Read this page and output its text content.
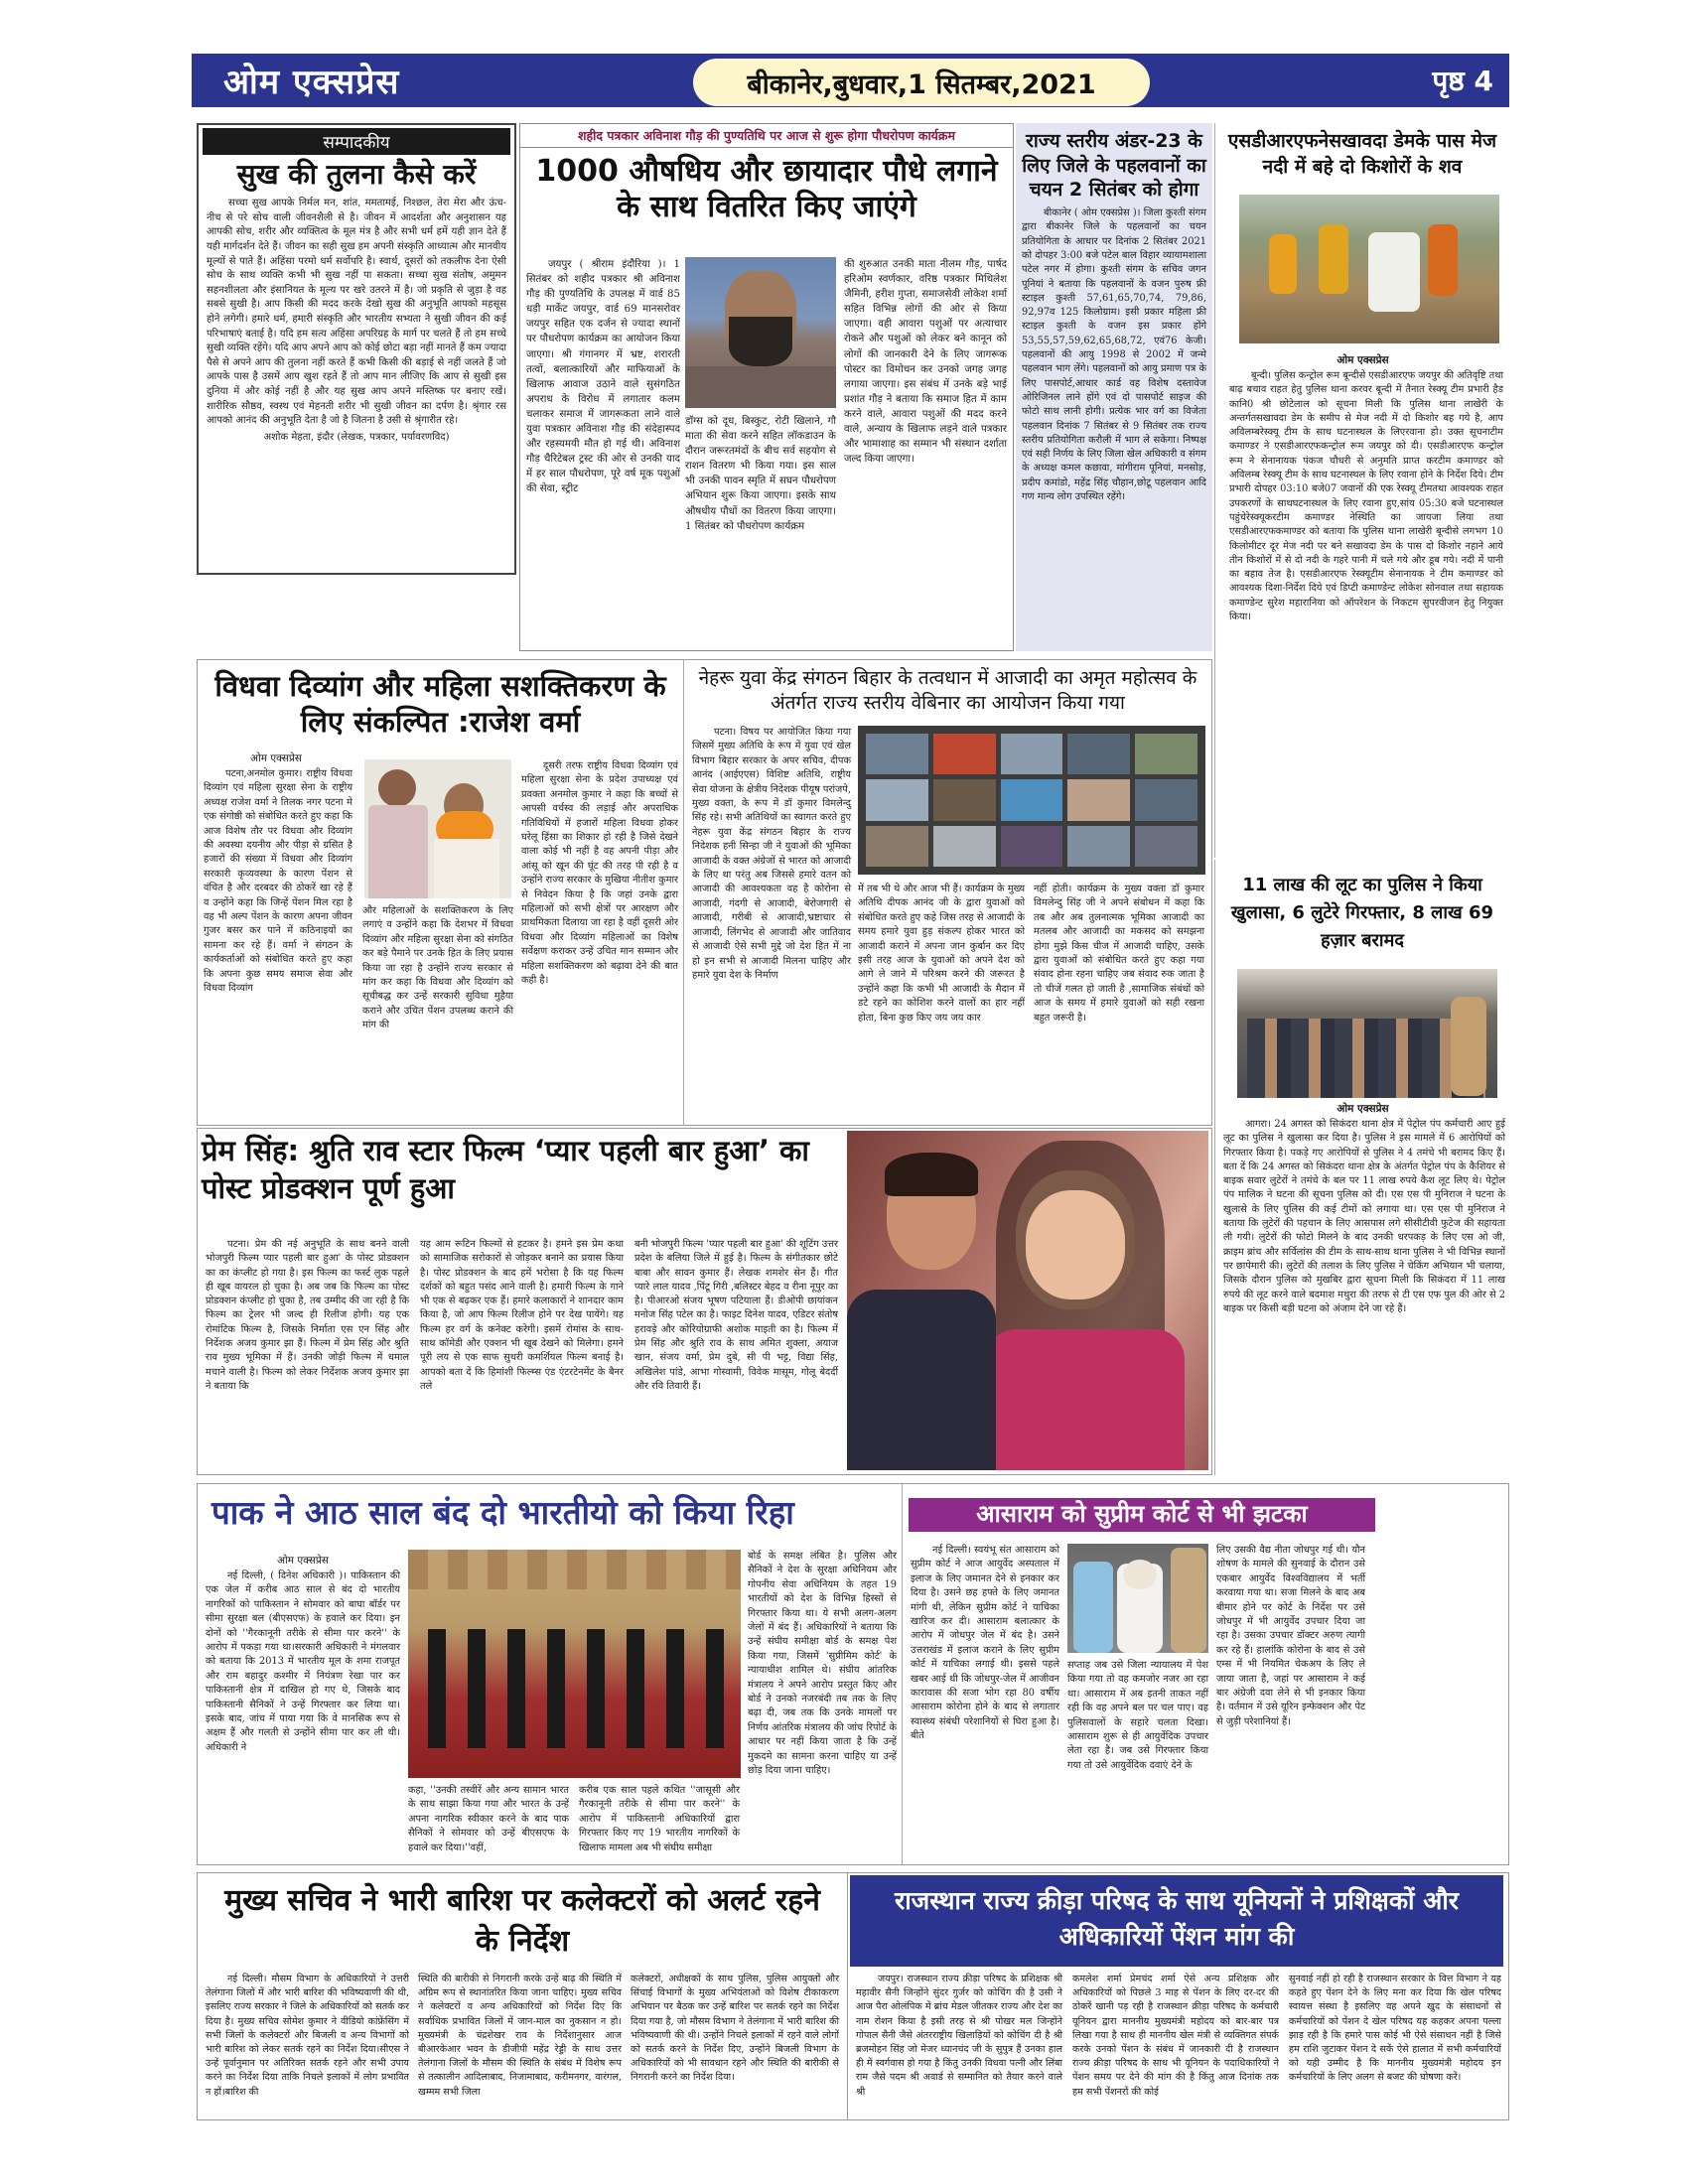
ओम एक्सप्रेस	बीकानेर,बुधवार,1 सितम्बर,2021	पृष्ठ 4
सम्पादकीय
सुख की तुलना कैसे करें

सच्चा सुख आपके निर्मल मन, शांत, ममतामई, निश्छल, तेरा मेरा और ऊंच-नीच से परे सोच वाली जीवनशैली से है। जीवन में आदर्शता और अनुशासन यह आपकी सोच, शरीर और व्यक्तित्व के मूल मंत्र है और सभी धर्म हमें यही ज्ञान देते हैं यही मार्गदर्शन देते हैं। जीवन का सही सुख हम अपनी संस्कृति आध्यात्म और मानवीय मूल्यों से पाते हैं। अहिंसा परमो धर्म सर्वोपरि है। स्वार्थ, दूसरों को तकलीफ देना ऐसी सोच के साथ व्यक्ति कभी भी सुख नहीं पा सकता। सच्चा सुख संतोष, अमुमन सहनशीलता और इंसानियत के मूल्य पर खरे उतरने में है। जो प्रकृति से जुड़ा है वह सबसे सुखी है। आप किसी की मदद करके देखो सुख की अनुभूति आपको महसूस होने लगेगी। हमारे धर्म, हमारी संस्कृति और भारतीय सभ्यता ने सुखी जीवन की कई परिभाषाएं बताई है। यदि हम सत्य अहिंसा अपरिग्रह के मार्ग पर चलते हैं तो हम सच्चे सुखी व्यक्ति रहेंगे। यदि आप अपने आप को कोई छोटा बड़ा नहीं मानते हैं कम ज्यादा पैसे से अपने आप की तुलना नहीं करते हैं कभी किसी की बड़ाई से नहीं जलते हैं जो आपके पास है उसमें आप खुश रहते हैं तो आप मान लीजिए कि आप से सुखी इस दुनिया में और कोई नहीं है और यह सुख आप अपने मस्तिष्क पर बनाए रखें। शारीरिक सौष्ठव, स्वस्थ एवं मेहनती शरीर भी सुखी जीवन का दर्पण है। श्रृंगार रस आपको आनंद की अनुभूति देता है जो है जितना है उसी से श्रृंगारीत रहे।

अशोक मेहता, इंदौर (लेखक, पत्रकार, पर्यावरणविद)

शहीद पत्रकार अविनाश गौड़ की पुण्यतिथि पर आज से शुरू होगा पौधरोपण कार्यक्रम
1000 औषधिय और छायादार पौधे लगाने के साथ वितरित किए जाएंगे

जयपुर ( श्रीराम इंदौरिया )। 1 सितंबर को शहीद पत्रकार श्री अविनाश गौड़ की पुण्यतिथि के उपलक्ष में वार्ड 85 धड़ी मार्केट जयपुर, वार्ड 69 मानसरोवर जयपुर सहित एक दर्जन से ज्यादा स्थानों पर पौधरोपण कार्यक्रम का आयोजन किया जाएगा। श्री गंगानगर में भ्रष्ट, शरारती तत्वों, बलात्कारियों और माफियाओं के खिलाफ आवाज उठाने वाले सुसंगठित अपराध के विरोध में लगातार कलम चलाकर समाज में जागरूकता लाने वाले युवा पत्रकार अविनाश गौड़ की संदेहास्पद और रहस्यमयी मौत हो गई थी। अविनाश गौड़ चैरिटेबल ट्रस्ट की ओर से उनकी याद में हर साल पौधरोपण, पूरे वर्ष मूक पशुओं की सेवा, स्ट्रीट

डॉग्स को दूध, बिस्कुट, रोटी खिलाने, गौ माता की सेवा करने सहित लॉकडाउन के दौरान जरूरतमंदों के बीच सर्व सहयोग से राशन वितरण भी किया गया। इस साल भी उनकी पावन स्मृति में सघन पौधरोपण अभियान शुरू किया जाएगा। इसके साथ औषधीय पौधों का वितरण किया जाएगा। 1 सितंबर को पौधरोपण कार्यक्रम

की शुरुआत उनकी माता नीलम गौड़, पार्षद हरिओम स्वर्णकार, वरिष्ठ पत्रकार मिथिलेश जैमिनी, हरीश गुप्ता, समाजसेवी लोकेश शर्मा सहित विभिन्न लोगों की ओर से किया जाएगा। वही आवारा पशुओं पर अत्याचार रोकने और पशुओं को लेकर बने कानून को लोगों की जानकारी देने के लिए जागरूक पोस्टर का विमोचन कर उनको जगह जगह लगाया जाएगा। इस संबंध में उनके बड़े भाई प्रशांत गौड़ ने बताया कि समाज हित में काम करने वाले, आवारा पशुओं की मदद करने वाले, अन्याय के खिलाफ लड़ने वाले पत्रकार और भामाशाह का सम्मान भी संस्थान दर्शाता जल्द किया जाएगा।

राज्य स्तरीय अंडर-23 के लिए जिले के पहलवानों का चयन 2 सितंबर को होगा

बीकानेर ( ओम एक्सप्रेस )। जिला कुश्ती संगम द्वारा बीकानेर जिले के पहलवानों का चयन प्रतियोगिता के आधार पर दिनांक 2 सितंबर 2021 को दोपहर 3:00 बजे पटेल बाल विहार व्यायामशाला पटेल नगर में होगा। कुश्ती संगम के सचिव जगन पूनियां ने बताया कि पहलवानों के वजन पुरुष फ्री स्टाइल कुश्ती 57,61,65,70,74, 79,86, 92,97व 125 किलोग्राम। इसी प्रकार महिला फ्री स्टाइल कुश्ती के वजन इस प्रकार होंगे 53,55,57,59,62,65,68,72, एवं76 केजी। पहलवानों की आयु 1998 से 2002 में जन्मे पहलवान भाग लेंगे। पहलवानों को आयु प्रमाण पत्र के लिए पासपोर्ट,आधार कार्ड वह विशेष दस्तावेज ओरिजिनल लाने होंगे एवं दो पासपोर्ट साइज की फोटो साथ लानी होगी। प्रत्येक भार वर्ग का विजेता पहलवान दिनांक 7 सितंबर से 9 सितंबर तक राज्य स्तरीय प्रतियोगिता करौली में भाग ले सकेगा। निष्पक्ष एवं सही निर्णय के लिए जिला खेल अधिकारी व संगम के अध्यक्ष कमल कछावा, मांगीराम पूनियां, मनसोड़, प्रदीप कमांडो, महेंद्र सिंह चौहान,छोटू पहलवान आदि गण मान्य लोग उपस्थित रहेंगे।

एसडीआरएफनेसखावदा डेमके पास मेज नदी में बहे दो किशोरों के शव
ओम एक्सप्रेस

बून्दी। पुलिस कन्ट्रोल रूम बून्दीसे एसडीआरएफ जयपुर की अतिवृष्टि तथा बाढ़ बचाव राहत हेतु पुलिस थाना करवर बून्दी में तैनात रेस्क्यू टीम प्रभारी हैड कानि0 श्री छोटेलाल को सूचना मिली कि पुलिस थाना लाखेरी के अन्तर्गतसखावदा डेम के समीप से मेज नदी में दो किशोर बह गये है, आप अविलम्बरेस्क्यू टीम के साथ घटनास्थल के लिएरवाना हो। उक्त सूचनाटीम कमाण्डर ने एसडीआरएफकन्ट्रोल रूम जयपुर को दी। एसडीआरएफ कन्ट्रोल रूम ने सेनानायक पंकज चौधरी से अनुमति प्राप्त करटीम कमाण्डर को अविलम्ब रेस्क्यू टीम के साथ घटनास्थल के लिए रवाना होने के निर्देश दिये। टीम प्रभारी दोपहर 03:10 बजे07 जवानों की एक रेस्क्यू टीमतथा आवश्यक राहत उपकरणों के साथघटनास्थल के लिए रवाना हुए,सांय 05:30 बजे घटनास्थल पहुंचेरेस्क्यूकरटीम कमाण्डर नेस्थिति का जायजा लिया तथा एसडीआरएफकमाण्डर को बताया कि पुलिस थाना लाखेरी बून्दीसे लगभग 10 किलोमीटर दूर मेज नदी पर बने सखावदा डेम के पास दो किशोर नहाने आये तीन किशोरों में से दो नदी के गहरे पानी में चले गये और डूब गये। नदी में पानी का बहाव तेज है। एसडीआरएफ रेस्क्यूटीम सेनानायक ने टीम कमाण्डर को आवश्यक दिशा-निर्देश दिये एवं डिप्टी कमाण्डेन्ट लोकेश सोनवाल तथा सहायक कमाण्डेन्ट सुरेश महारानिया को ऑपरेशन के निकटम सुपरवीजन हेतु नियुक्त किया।

11 लाख की लूट का पुलिस ने किया खुलासा, 6 लुटेरे गिरफ्तार, 8 लाख 69 हज़ार बरामद
ओम एक्सप्रेस

आगरा। 24 अगस्त को सिकंदरा थाना क्षेत्र में पेट्रोल पंप कर्मचारी आए हुई लूट का पुलिस ने खुलासा कर दिया है। पुलिस ने इस मामले में 6 आरोपियों को गिरफ्तार किया है। पकड़े गए आरोपियों से पुलिस ने 4 तमंचे भी बरामद किए हैं। बता दें कि 24 अगस्त को सिकंदरा थाना क्षेत्र के अंतर्गत पेट्रोल पंप के कैशियर से बाइक सवार लुटेरों ने तमंचे के बल पर 11 लाख रुपये कैश लूट लिए थे। पेट्रोल पंप मालिक ने घटना की सूचना पुलिस को दी। एस एस पी मुनिराज ने घटना के खुलासे के लिए पुलिस की कई टीमों को लगाया था। एस एस पी मुनिराज ने बताया कि लुटेरों की पहचान के लिए आसपास लगे सीसीटीवी फुटेज की सहायता ली गयी। लुटेरों की फोटो मिलने के बाद उनकी धरपकड़ के लिए एस ओ जी, क्राइम ब्रांच और सर्विलांस की टीम के साथ-साथ थाना पुलिस ने भी विभिन्न स्थानों पर छापेमारी की। लुटेरों की तलाश के लिए पुलिस ने चेकिंग अभियान भी चलाया, जिसके दौरान पुलिस को मुखबिर द्वारा सूचना मिली कि सिकंदरा में 11 लाख रुपये की लूट करने वाले बदमाश मथुरा की तरफ से टी एस एफ पुल की ओर से 2 बाइक पर किसी बड़ी घटना को अंजाम देने जा रहे हैं।

विधवा दिव्यांग और महिला सशक्तिकरण के लिए संकल्पित :राजेश वर्मा
ओम एक्सप्रेस

पटना,अनमोल कुमार। राष्ट्रीय विधवा दिव्यांग एवं महिला सुरक्षा सेना के राष्ट्रीय अध्यक्ष राजेश वर्मा ने तिलक नगर पटना मे एक संगोष्ठी को संबोधित करते हुए कहा कि आज विशेष तौर पर विधवा और दिव्यांग की अवस्था दयनीय और पीड़ा से ग्रसित है हजारों की संख्या में विधवा और दिव्यांग सरकारी कृव्यवस्था के कारण पेंशन से वंचित है और दरबदर की ठोकरें खा रहे हैं व उन्होंने कहा कि जिन्हें पेंशन मिल रहा है वह भी अल्प पेंशन के कारण अपना जीवन गुजर बसर कर पाने में कठिनाइयों का सामना कर रहे हैं। वर्मा ने संगठन के कार्यकर्ताओं को संबोधित करते हुए कहा कि अपना कुछ समय समाज सेवा और विधवा दिव्यांग

और महिलाओं के सशक्तिकरण के लिए लगाएं व उन्होंने कहा कि देशभर में विधवा दिव्यांग और महिला सुरक्षा सेना को संगठित कर बड़े पैमाने पर उनके हित के लिए प्रयास किया जा रहा है उन्होंने राज्य सरकार से मांग कर कहा कि विधवा और दिव्यांग को सूचीबद्ध कर उन्हें सरकारी सुविधा मुहैया कराने और उचित पेंशन उपलब्ध कराने की मांग की

दूसरी तरफ राष्ट्रीय विधवा दिव्यांग एवं महिला सुरक्षा सेना के प्रदेश उपाध्यक्ष एवं प्रवक्ता अनमोल कुमार ने कहा कि बच्चों से आपसी वर्चस्व की लड़ाई और अपराधिक गतिविधियों में हजारों महिला विधवा होकर घरेलू हिंसा का शिकार हो रही है जिसे देखने वाला कोई भी नहीं है वह अपनी पीड़ा और आंसू को खून की घूंट की तरह पी रही है व उन्होंने राज्य सरकार के मुखिया नीतीश कुमार से निवेदन किया है कि जहां उनके द्वारा महिलाओं को सभी क्षेत्रों पर आरक्षण और प्राथमिकता दिलाया जा रहा है वहीं दूसरी ओर विधवा और दिव्यांग महिलाओं का विशेष सर्वेक्षण कराकर उन्हें उचित मान सम्मान और महिला सशक्तिकरण को बढ़ावा देने की बात कही है।

नेहरू युवा केंद्र संगठन बिहार के तत्वधान में आजादी का अमृत महोत्सव के अंतर्गत राज्य स्तरीय वेबिनार का आयोजन किया गया

पटना। विषय पर आयोजित किया गया जिसमें मुख्य अतिथि के रूप में युवा एवं खेल विभाग बिहार सरकार के अपर सचिव, दीपक आनंद (आईएएस) विशिष्ट अतिथि, राष्ट्रीय सेवा योजना के क्षेत्रीय निदेशक पीयूष परांजपे, मुख्य वक्ता, के रूप में डॉ कुमार विमलेन्दु सिंह रहे। सभी अतिथियों का स्वागत करते हुए नेहरू युवा केंद्र संगठन बिहार के राज्य निदेशक हनी सिन्हा जी ने युवाओं की भूमिका आजादी के वक्त अंग्रेजों से भारत को आजादी के लिए था परंतु अब जिससे हमारे वतन को आजादी की आवश्यकता वह है कोरोना से आजादी, गंदगी से आजादी, बेरोजगारी से आजादी, गरीबी से आजादी,भ्रष्टाचार से आजादी, लिंगभेद से आजादी और जातिवाद से आजादी ऐसे सभी मुद्दे जो देश हित में ना हो इन सभी से आजादी मिलना चाहिए और हमारे युवा देश के निर्माण

में तब भी थे और आज भी हैं। कार्यक्रम के मुख्य अतिथि दीपक आनंद जी के द्वारा युवाओं को संबोधित करते हुए कहे जिस तरह से आजादी के समय हमारे युवा हुड़ संकल्प होकर भारत को आजादी कराने में अपना जान कुर्बान कर दिए इसी तरह आज के युवाओं को अपने देश को आगे ले जाने में परिश्रम करने की जरूरत है उन्होंने कहा कि कभी भी आजादी के मैदान में डटे रहने का कोशिश करने वालों का हार नहीं होता, बिना कुछ किए जय जय कार

नहीं होती। कार्यक्रम के मुख्य वक्ता डॉ कुमार विमलेन्दु सिंह जी ने अपने संबोधन में कहा कि तब और अब तुलनात्मक भूमिका आजादी का मतलब और आजादी का मकसद को समझना होगा मुझे किस चीज में आजादी चाहिए, उसके द्वारा युवाओं को संबोधित करते हुए कहा गया संवाद होना रहना चाहिए जब संवाद रुक जाता है तो चीजें गलत हो जाती है ,सामाजिक संबंधों को आज के समय में हमारे युवाओं को सही रखना बहुत जरूरी है।

प्रेम सिंह: श्रुति राव स्टार फिल्म ‘प्यार पहली बार हुआ’ का पोस्ट प्रोडक्शन पूर्ण हुआ

पटना। प्रेम की नई अनुभूति के साथ बनने वाली भोजपुरी फिल्म प्यार पहली बार हुआ' के पोस्ट प्रोडक्शन का का कंप्लीट हो गया है। इस फिल्म का फर्स्ट लुक पहले ही खूब वायरल हो चुका है। अब जब कि फिल्म का पोस्ट प्रोडक्शन कंप्लीट हो चुका है, तब उम्मीद की जा रही है कि फिल्म का ट्रेलर भी जल्द ही रिलीज होगी। यह एक रोमांटिक फिल्म है, जिसके निर्माता एस एन सिंह और निर्देशक अजय कुमार झा हैं। फिल्म में प्रेम सिंह और श्रुति राव मुख्य भूमिका में हैं। उनकी जोड़ी फिल्म में धमाल मचाने वाली है। फिल्म को लेकर निर्देशक अजय कुमार झा ने बताया कि

यह आम रूटिन फिल्मों से हटकर है। हमने इस प्रेम कथा को सामाजिक सरोकारों से जोड़कर बनाने का प्रयास किया है। पोस्ट प्रोडक्शन के बाद हमें भरोसा है कि यह फिल्म दर्शकों को बहुत पसंद आने वाली है। हमारी फिल्म के गाने भी एक से बढ़कर एक हैं। हमारे कलाकारों ने शानदार काम किया है, जो आप फिल्म रिलीज होने पर देख पायेंगे। यह फिल्म हर वर्ग के कनेक्ट करेगी। इसमें रोमांस के साथ- साथ कॉमेडी और एक्शन भी खूब देखने को मिलेगा। हमने पूरी लय से एक साफ सुथरी कमर्शियल फिल्म बनाई है। आपको बता दें कि हिमांशी फिल्म्स एंड एंटरटेनमेंट के बैनर तले

बनी भोजपुरी फिल्म 'प्यार पहली बार हुआ' की शूटिंग उत्तर प्रदेश के बलिया जिले में हुई है। फिल्म के संगीतकार छोटे बाबा और सावन कुमार हैं। लेखक शमशेर सेन हैं। गीत प्यारे लाल यादव ,पिंटू गिरी ,बलिस्टर बेहद व रीना नूपुर का है। पीआरओ संजय भूषण पटियाला हैं। डीओपी छायांकन मनोज सिंह पटेल का है। फाइट दिनेश यादव, एडिटर संतोष हरावड़े और कोरियोग्राफी अशोक माइती का है। फिल्म में प्रेम सिंह और श्रुति राव के साथ अमित शुक्ला, अयाज खान, संजय वर्मा, प्रेम दुबे, सी पी भट्ट, विद्या सिंह, अखिलेश पांडे, आभा गोस्वामी, विवेक मासूम, गोलू बेदर्दी और रवि तिवारी हैं।

पाक ने आठ साल बंद दो भारतीयो को किया रिहा
ओम एक्सप्रेस

नई दिल्ली, ( दिनेश अधिकारी )। पाकिस्तान की एक जेल में करीब आठ साल से बंद दो भारतीय नागरिकों को पाकिस्तान ने सोमवार को बाघा बॉर्डर पर सीमा सुरक्षा बल (बीएसएफ) के हवाले कर दिया। इन दोनों को ''गैरकानूनी तरीके से सीमा पार करने'' के आरोप में पकड़ा गया था।सरकारी अधिकारी ने मंगलवार को बताया कि 2013 में भारतीय मूल के शमा राजपूत और राम बहादुर कश्मीर में नियंत्रण रेखा पार कर पाकिस्तानी क्षेत्र में दाखिल हो गए थे, जिसके बाद पाकिस्तानी सैनिकों ने उन्हें गिरफ्तार कर लिया था। इसके बाद, जांच में पाया गया कि वे मानसिक रूप से अक्षम हैं और गलती से उन्होंने सीमा पार कर ली थी।अधिकारी ने

कहा, ''उनकी तस्वीरें और अन्य सामान भारत के साथ साझा किया गया और भारत के उन्हें अपना नागरिक स्वीकार करने के बाद पाक सैनिकों ने सोमवार को उन्हें बीएसएफ के हवाले कर दिया।''वहीं,

करीब एक साल पहले कथित ''जासूसी और गैरकानूनी तरीके से सीमा पार करने'' के आरोप में पाकिस्तानी अधिकारियों द्वारा गिरफ्तार किए गए 19 भारतीय नागरिकों के खिलाफ मामला अब भी संघीय समीक्षा

बोर्ड के समक्ष लंबित है। पुलिस और सैनिकों ने देश के सुरक्षा अधिनियम और गोपनीय सेवा अधिनियम के तहत 19 भारतीयों को देश के विभिन्न हिस्सों से गिरफ्तार किया था। ये सभी अलग-अलग जेलों में बंद हैं। अधिकारियों ने बताया कि उन्हें संघीय समीक्षा बोर्ड के समक्ष पेश किया गया, जिसमें 'सुप्रीमिम कोर्ट' के न्यायाधीश शामिल थे। संघीय आंतरिक मंत्रालय ने अपने आरोप प्रस्तुत किए और बोर्ड ने उनको नजरबंदी तब तक के लिए बढ़ा दी, जब तक कि उनके मामलों पर निर्णय आंतरिक मंत्रालय की जांच रिपोर्ट के आधार पर नहीं किया जाता है कि उन्हें मुकदमे का सामना करना चाहिए या उन्हें छोड़ दिया जाना चाहिए।

आसाराम को सुप्रीम कोर्ट से भी झटका

नई दिल्ली। स्वयंभू संत आसाराम को सुप्रीम कोर्ट ने आज आयुर्वेद अस्पताल में इलाज के लिए जमानत देने से इनकार कर दिया है। उसने छह हफ्ते के लिए जमानत मांगी थी, लेकिन सुप्रीम कोर्ट ने याचिका खारिज कर दी। आसाराम बलात्कार के आरोप में जोधपुर जेल में बंद है। उसने उत्तराखंड में इलाज कराने के लिए सुप्रीम कोर्ट में याचिका लगाई थी। इससे पहले खबर आई थी कि जोधपुर-जेल में आजीवन कारावास की सजा भोग रहा 80 वर्षीय आसाराम कोरोना होने के बाद से लगातार स्वास्थ्य संबंधी परेशानियों से घिरा हुआ है। बीते

सप्ताह जब उसे जिला न्यायालय में पेश किया गया तो वह कमजोर नजर आ रहा था। आसाराम में अब इतनी ताकत नहीं रही कि वह अपने बल पर चल पाए। वह पुलिसवालों के सहारे चलता दिखा।आसाराम शुरू से ही आयुर्वेदिक उपचार लेता रहा है। जब उसे गिरफ्तार किया गया तो उसे आयुर्वेदिक दवाएं देने के

लिए उसकी वैद्य नीता जोधपुर गई थी। यौन शोषण के मामले की सुनवाई के दौरान उसे एकबार आयुर्वेद विश्वविद्यालय में भर्ती करवाया गया था। सजा मिलने के बाद अब बीमार होने पर कोर्ट के निर्देश पर उसे जोधपुर में भी आयुर्वेद उपचार दिया जा रहा है। उसका उपचार डॉक्टर अरुण त्यागी कर रहे हैं। हालांकि कोरोना के बाद से उसे एम्स में भी नियमित चेकअप के लिए ले जाया जाता है, जहां पर आसाराम ने कई बार अंग्रेजी दवा लेने से भी इनकार किया है। वर्तमान में उसे यूरिन इन्फेक्शन और पेट से जुड़ी परेशानियां हैं।

मुख्य सचिव ने भारी बारिश पर कलेक्टरों को अलर्ट रहने के निर्देश

नई दिल्ली। मौसम विभाग के अधिकारियों ने उत्तरी तेलंगाना जिलों में और भारी बारिश की भविष्यवाणी की थी, इसलिए राज्य सरकार ने जिले के अधिकारियों को सतर्क कर दिया है। मुख्य सचिव सोमेश कुमार ने वीडियो कांफ्रेंसिंग में सभी जिलों के कलेक्टरों और बिजली व अन्य विभागों को भारी बारिश को लेकर सतर्क रहने का निर्देश दिया।सीएस ने उन्हें पूर्वानुमान पर अतिरिक्त सतर्क रहने और सभी उपाय करने का निर्देश दिया ताकि निचले इलाकों में लोग प्रभावित न हों।बारिश की

स्थिति की बारीकी से निगरानी करके उन्हें बाढ़ की स्थिति में अग्रिम रूप से स्थानांतरित किया जाना चाहिए। मुख्य सचिव ने कलेक्टरों व अन्य अधिकारियों को निर्देश दिए कि सर्वाधिक प्रभावित जिलों में जान-माल का नुकसान न हो। मुख्यमंत्री के चंद्रशेखर राव के निर्देशानुसार आज बीआरकेआर भवन के डीजीपी महेंद्र रेड्डी के साथ उत्तर तेलंगाना जिलों के मौसम की स्थिति के संबंध में विशेष रूप से तत्कालीन आदिलाबाद, निजामाबाद, करीमनगर, वारंगल, खम्मम सभी जिला

कलेक्टरों, अधीक्षकों के साथ पुलिस, पुलिस आयुक्तों और सिंचाई विभागों के मुख्य अभियंताओं को विशेष टीकाकरण अभियान पर बैठक कर उन्हें बारिश पर सतर्क रहने का निर्देश दिया गया है, जो मौसम विभाग ने तेलंगाना में भारी बारिश की भविष्यवाणी की थी। उन्होंने निचले इलाकों में रहने वाले लोगों को सतर्क करने के निर्देश दिए, उन्होंने बिजली विभाग के अधिकारियों को भी सावधान रहने और स्थिति की बारीकी से निगरानी करने का निर्देश दिया।

राजस्थान राज्य क्रीड़ा परिषद के साथ यूनियनों ने प्रशिक्षकों और अधिकारियों पेंशन मांग की

जयपुर। राजस्थान राज्य क्रीड़ा परिषद के प्रशिक्षक श्री महावीर सैनी जिन्होंने सुंदर गुर्जर को कोचिंग की है उसी ने आज पैरा ओलंपिक में ब्रांच मेडल जीतकर राज्य और देश का नाम रोशन किया है इसी तरह से श्री पोखर मल जिन्होंने गोपाल सैनी जैसे अंतरराष्ट्रीय खिलाड़ियों को कोचिंग दी है श्री ब्रजमोहन सिंह जो मेजर ध्यानचंद जी के सुपुत्र हैं उनका हाल ही में स्वर्गवास हो गया है किंतु उनकी विधवा पत्नी और लिंबा राम जैसे पदम श्री अवार्ड से सम्मानित को तैयार करने वाले श्री

कमलेश शर्मा प्रेमचंद शर्मा ऐसे अन्य प्रशिक्षक और अधिकारियों को पिछले 3 माह से पेंशन के लिए दर-दर की ठोकरें खानी पड़ रही है राजस्थान क्रीड़ा परिषद के कर्मचारी यूनियन द्वारा माननीय मुख्यमंत्री महोदय को बार-बार पत्र लिखा गया है साथ ही माननीय खेल मंत्री से व्यक्तिगत संपर्क करके उनको पेंशन के संबंध में जानकारी दी है राजस्थान राज्य क्रीड़ा परिषद के साथ भी यूनियन के पदाधिकारियों ने पेंशन समय पर देने की मांग की है किंतु आज दिनांक तक हम सभी पेंशनरों की कोई

सुनवाई नहीं हो रही है राजस्थान सरकार के वित्त विभाग ने यह कहते हुए पेंशन देने के लिए मना कर दिया कि खेल परिषद स्वायत्त संस्था है इसलिए वह अपने खुद के संसाधनों से कर्मचारियों को पेंशन दे खेल परिषद यह कहकर अपना पल्ला झाड़ रही है कि हमारे पास कोई भी ऐसे संसाधन नहीं है जिसे हम राशि जुटाकर पेंशन दे सकें ऐसे हालात में सभी कर्मचारियों को यही उम्मीद है कि माननीय मुख्यमंत्री महोदय इन कर्मचारियों के लिए अलग से बजट की घोषणा करें।
